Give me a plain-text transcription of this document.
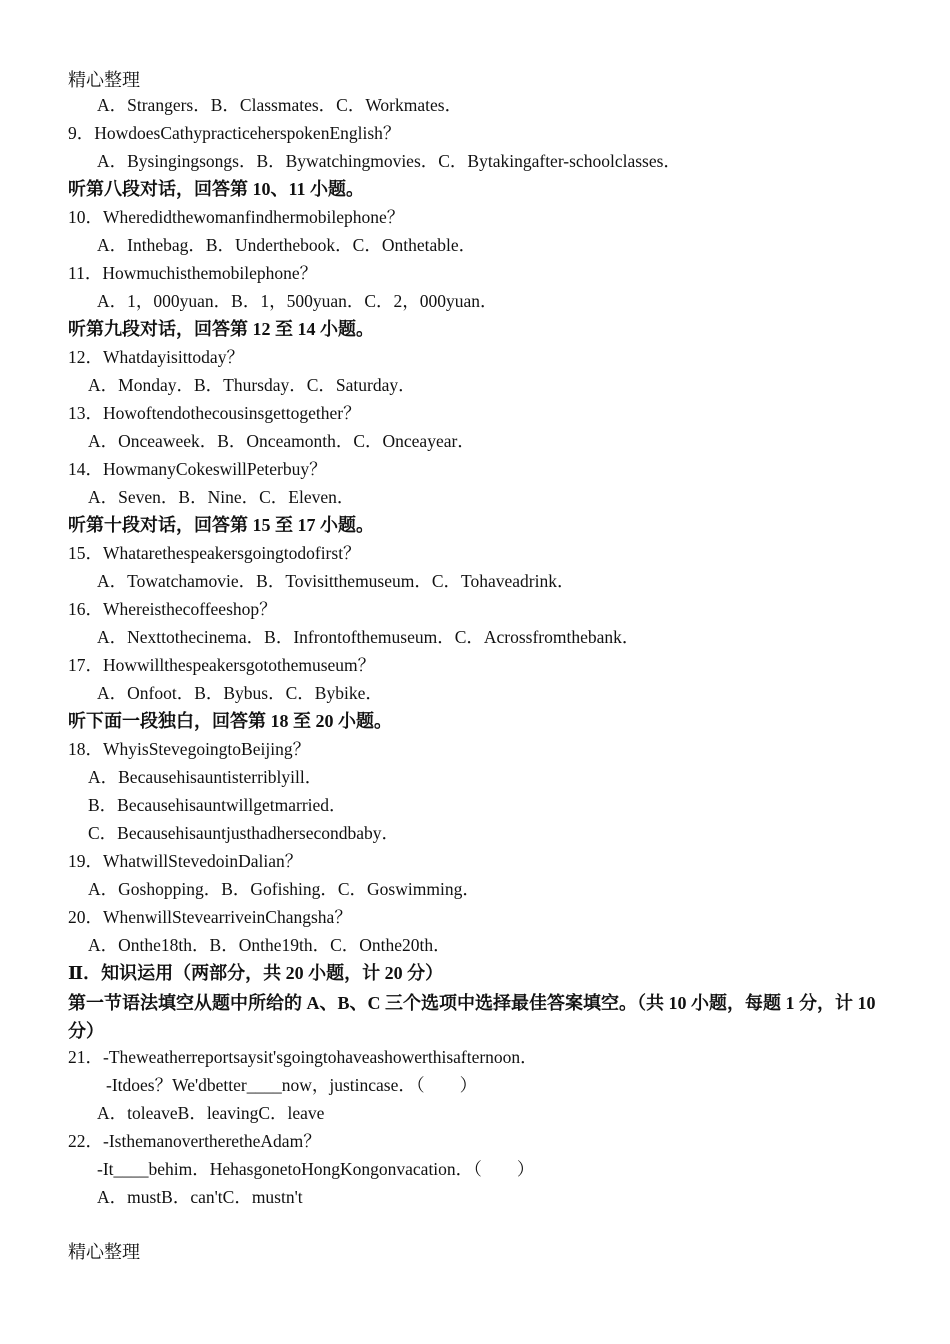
精心整理
A．Strangers．B．Classmates．C．Workmates．
9．HowdoesCathypracticeherspokenEnglish？
A．Bysingingsongs．B．Bywatchingmovies．C．Bytakingafter-schoolclasses．
听第八段对话，回答第 10、11 小题。
10．Wheredidthewomanfindhermobilephone？
A．Inthebag．B．Underthebook．C．Onthetable．
11．Howmuchisthemobilephone？
A．1，000yuan．B．1，500yuan．C．2，000yuan．
听第九段对话，回答第 12 至 14 小题。
12．Whatdayisittoday？
A．Monday．B．Thursday．C．Saturday．
13．Howoftendothecousinsgettogether？
A．Onceaweek．B．Onceamonth．C．Onceayear．
14．HowmanyCokeswillPeterbuy？
A．Seven．B．Nine．C．Eleven．
听第十段对话，回答第 15 至 17 小题。
15．Whatarethespeakersgoingtodofirst？
A．Towatchamovie．B．Tovisitthemuseum．C．Tohaveadrink．
16．Whereisthecoffeeshop？
A．Nexttothecinema．B．Infrontofthemuseum．C．Acrossfromthebank．
17．Howwillthespeakersgotothemuseum？
A．Onfoot．B．Bybus．C．Bybike．
听下面一段独白，回答第 18 至 20 小题。
18．WhyisStevegoingtoBeijing？
A．Becausehisauntisterriblyill．
B．Becausehisauntwillgetmarried．
C．Becausehisauntjusthadhersecondbaby．
19．WhatwillStevedoinDalian？
A．Goshopping．B．Gofishing．C．Goswimming．
20．WhenwillStevearriveinChangsha？
A．Onthe18th．B．Onthe19th．C．Onthe20th．
Ⅱ．知识运用（两部分，共 20 小题，计 20 分）
第一节语法填空从题中所给的 A、B、C 三个选项中选择最佳答案填空。（共 10 小题，每题 1 分，计 10 分）
21．-Theweatherreportsaysit'sgoingtohaveashowerthisafternoon．
-Itdoes？We'dbetter____now，justincase．（　　）
A．toleaveB．leavingC．leave
22．-IsthemanovertheretheAdam？
-It____behim．HehasgonetoHongKongonvacation．（　　）
A．mustB．can'tC．mustn't
精心整理
